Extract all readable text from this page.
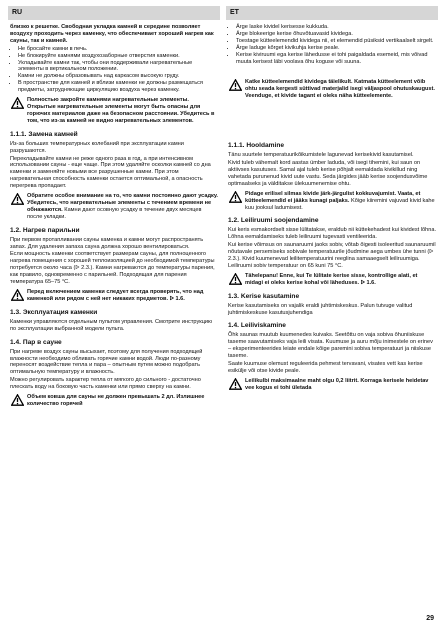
RU	ET

близко к решетке. Свободная укладка камней в середине позволяет воздуху проходить через каменку, что обеспечивает хороший нагрев как сауны, так и камней.

• Не бросайте камни в печь.
• Не блокируйте камнями воздухозаборные отверстия каменки.
• Укладывайте камни так, чтобы они поддерживали нагревательные элементы в вертикальном положении.
• Камни не должны образовывать над каркасом высокую груду.
• В пространстве для камней и вблизи каменки не должны размещаться предметы, затрудняющие циркуляцию воздуха через каменку.
Полностью закройте камнями нагревательные элементы. Открытые нагревательные элементы могут быть опасны для горючих материалов даже на безопасном расстоянии. Убедитесь в том, что из-за камней не видно нагревательных элементов.
1.1.1. Замена камней

Из-за больших температурных колебаний при эксплуатации камни разрушаются.

Перекладывайте камни не реже одного раза в год, а при интенсивном использовании сауны - еще чаще. При этом удаляйте осколки камней со дна каменки и заменяйте новыми все разрушенные камни. При этом нагревательная способность каменки остается оптимальной, а опасность перегрева пропадает.

Обратите особое внимание на то, что камни постоянно дают усадку. Убедитесь, что нагревательные элементы с течением времени не обнажаются. Камни дают осовную усадку в течение двух месяцев после укладки.
1.2. Нагрев парильни

При первом протапливании сауны каменка и камни могут распространять запах. Для удаления запаха сауна должна хорошо вентилироваться.

Если мощность каменки соответствует размерам сауны, для полноценного нагрева помещения с хорошей теплоизоляцией до необходимой температуры потребуется около часа (ᐅ 2.3.). Камни нагреваются до температуры парения, как правило, одновременно с парильней. Подходящая для парения температура 65–75 °C.

Перед включением каменки следует всегда проверять, что над каменкой или рядом с ней нет никаких предметов. ᐅ 1.6.
1.3. Эксплуатация каменки

Каменки управляются отдельным пультом управления. Смотрите инструкцию по эксплуатации выбранной модели пульта.

1.4. Пар в сауне

При нагреве воздух сауны высыхает, поэтому для получения подходящей влажности необходимо обливать горячие камни водой. Люди по-разному переносят воздействие тепла и пара – опытным путем можно подобрать оптимальную температуру и влажность.

Можно регулировать характер тепла от мягкого до сильного - достаточно плескать воду на боковую часть каменки или прямо сверху на камни.

Объем ковша для сауны не должен превышать 2 дл. Излишнее количество горячей
• Ärge laske kividel kerisesse kukkuda.
• Ärge blokeerige kerise õhuvõtuavasid kividega.
• Toestage kütteelemendid kividega nii, et elemendid püsiksid vertikaalselt sirgelt.
• Ärge laduge kõrget kivikuhja kerise peale.
• Kerise kiviruumi ega kerise lähedusse ei tohi paigaldada esemeid, mis võivad muuta kerisest läbi voolava õhu koguse või suuna.
Katke kütteelemendid kividega täielikult. Katmata kütteelement võib ohtu seada kergesti süttivad materjalid isegi väljaspool ohutuskaugust. Veenduge, et kivide tagant ei oleks näha kütteelemente.
1.1.1. Hooldamine

Tänu suurtele temperatuurikõikumistele lagunevad kerisekivid kasutamisel.

Kivid tuleb vähemalt kord aastas ümber laduda, või isegi tihemini, kui saun on aktiivses kasutuses. Samal ajal tuleb kerise põhjalt eemaldada kivikillud ning vahetada purunenud kivid uute vastu. Seda järgides jääb kerise soojendusvõime optimaalseks ja välditakse ülekuumenemise ohtu.

Pidage erilisel silmas kivide järk-järgulist kokkuvajumist. Vaata, et kütteelemendid ei jääks kunagi paljaks. Kõige kiiremini vajuvad kivid kahe kuu jooksul ladumisest.
1.2. Leiliruumi soojendamine

Kui keris esmakordselt sisse lülitatakse, eraldub nii küttekehadest kui kividest lõhna. Lõhna eemaldamiseks tuleb leiliruumi tugevasti ventileerida.

Kui kerise võimsus on saunaruumi jaoks sobiv, võtab õigesti isoleeritud saunaruumil nõutavale persemiseks sobivale temperatuurile jõudmine aega umbes ühe tunni (ᐅ 2.3.). Kivid kuumenevad leilitemperatuurini reeglina samaaegselt leiliruumiga. Leiliruumi sobiv temperatuur on 65 kuni 75 °C.

Tähelepanu! Enne, kui Te lülitate kerise sisse, kontrollige alati, et midagi ei oleks kerise kohal või läheduses. ᐅ 1.6.
1.3. Kerise kasutamine

Kerise kasutamiseks on vajalik eraldi juhtimiskeskus. Palun tutvuge valitud juhtimiskeskuse kasutusjuhendiga

1.4. Leiliviskamine

Õhk saunas muutub kuumenedes kuivaks. Seetõttu on vaja sobiva õhuniiskuse taseme saavutamiseks vaja leili visata. Kuumuse ja auru mõju inimestele on erinev – eksperimenteerides leiate endale kõige paremini sobiva temperatuuri ja niiskuse taseme.

Saate kuumuse olemust reguleerida pehmest tervavani, visates vett kas kerise esikülje või otse kivide peale.

Leilikulbi maksimaalne maht olgu 0,2 liitrit. Korraga kerisele heidetav vee kogus ei tohi ületada
29
